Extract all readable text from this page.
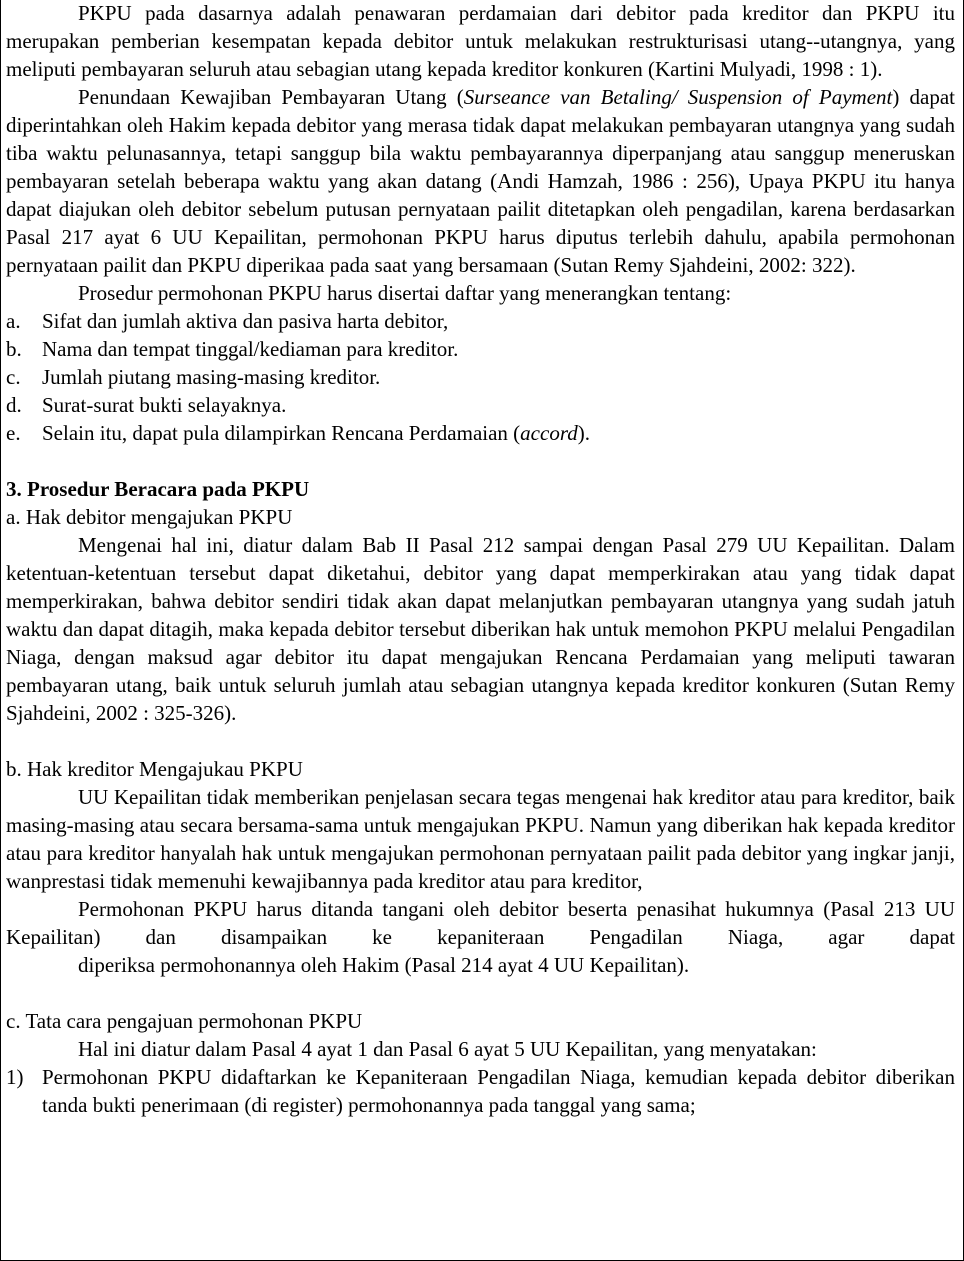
PKPU pada dasarnya adalah penawaran perdamaian dari debitor pada kreditor dan PKPU itu merupakan pemberian kesempatan kepada debitor untuk melakukan restrukturisasi utang--utangnya, yang meliputi pembayaran seluruh atau sebagian utang kepada kreditor konkuren (Kartini Mulyadi, 1998 : 1).

Penundaan Kewajiban Pembayaran Utang (Surseance van Betaling/ Suspension of Payment) dapat diperintahkan oleh Hakim kepada debitor yang merasa tidak dapat melakukan pembayaran utangnya yang sudah tiba waktu pelunasannya, tetapi sanggup bila waktu pembayarannya diperpanjang atau sanggup meneruskan pembayaran setelah beberapa waktu yang akan datang (Andi Hamzah, 1986 : 256), Upaya PKPU itu hanya dapat diajukan oleh debitor sebelum putusan pernyataan pailit ditetapkan oleh pengadilan, karena berdasarkan Pasal 217 ayat 6 UU Kepailitan, permohonan PKPU harus diputus terlebih dahulu, apabila permohonan pernyataan pailit dan PKPU diperikaa pada saat yang bersamaan (Sutan Remy Sjahdeini, 2002: 322).

Prosedur permohonan PKPU harus disertai daftar yang menerangkan tentang:

a.	Sifat dan jumlah aktiva dan pasiva harta debitor,
b. Nama dan tempat tinggal/kediaman para kreditor.
c.	Jumlah piutang masing-masing kreditor.
d. Surat-surat bukti selayaknya.
e.	Selain itu, dapat pula dilampirkan Rencana Perdamaian (accord).

3. Prosedur Beracara pada PKPU

a. Hak debitor mengajukan PKPU

Mengenai hal ini, diatur dalam Bab II Pasal 212 sampai dengan Pasal 279 UU Kepailitan. Dalam ketentuan-ketentuan tersebut dapat diketahui, debitor yang dapat memperkirakan atau yang tidak dapat memperkirakan, bahwa debitor sendiri tidak akan dapat melanjutkan pembayaran utangnya yang sudah jatuh waktu dan dapat ditagih, maka kepada debitor tersebut diberikan hak untuk memohon PKPU melalui Pengadilan Niaga, dengan maksud agar debitor itu dapat mengajukan Rencana Perdamaian yang meliputi tawaran pembayaran utang, baik untuk seluruh jumlah atau sebagian utangnya kepada kreditor konkuren (Sutan Remy Sjahdeini, 2002 : 325-326).

b. Hak kreditor Mengajukau PKPU

UU Kepailitan tidak memberikan penjelasan secara tegas mengenai hak kreditor atau para kreditor, baik masing-masing atau secara bersama-sama untuk mengajukan PKPU. Namun yang diberikan hak kepada kreditor atau para kreditor hanyalah hak untuk mengajukan permohonan pernyataan pailit pada debitor yang ingkar janji, wanprestasi tidak memenuhi kewajibannya pada kreditor atau para kreditor,

Permohonan PKPU harus ditanda tangani oleh debitor beserta penasihat hukumnya (Pasal 213 UU Kepailitan) dan disampaikan ke kepaniteraan Pengadilan Niaga, agar dapat

diperiksa permohonannya oleh Hakim (Pasal 214 ayat 4 UU Kepailitan).

c. Tata cara pengajuan permohonan PKPU

Hal ini diatur dalam Pasal 4 ayat 1 dan Pasal 6 ayat 5 UU Kepailitan, yang menyatakan:

1) Permohonan PKPU didaftarkan ke Kepaniteraan Pengadilan Niaga, kemudian kepada debitor diberikan tanda bukti penerimaan (di register) permohonannya pada tanggal yang sama;
